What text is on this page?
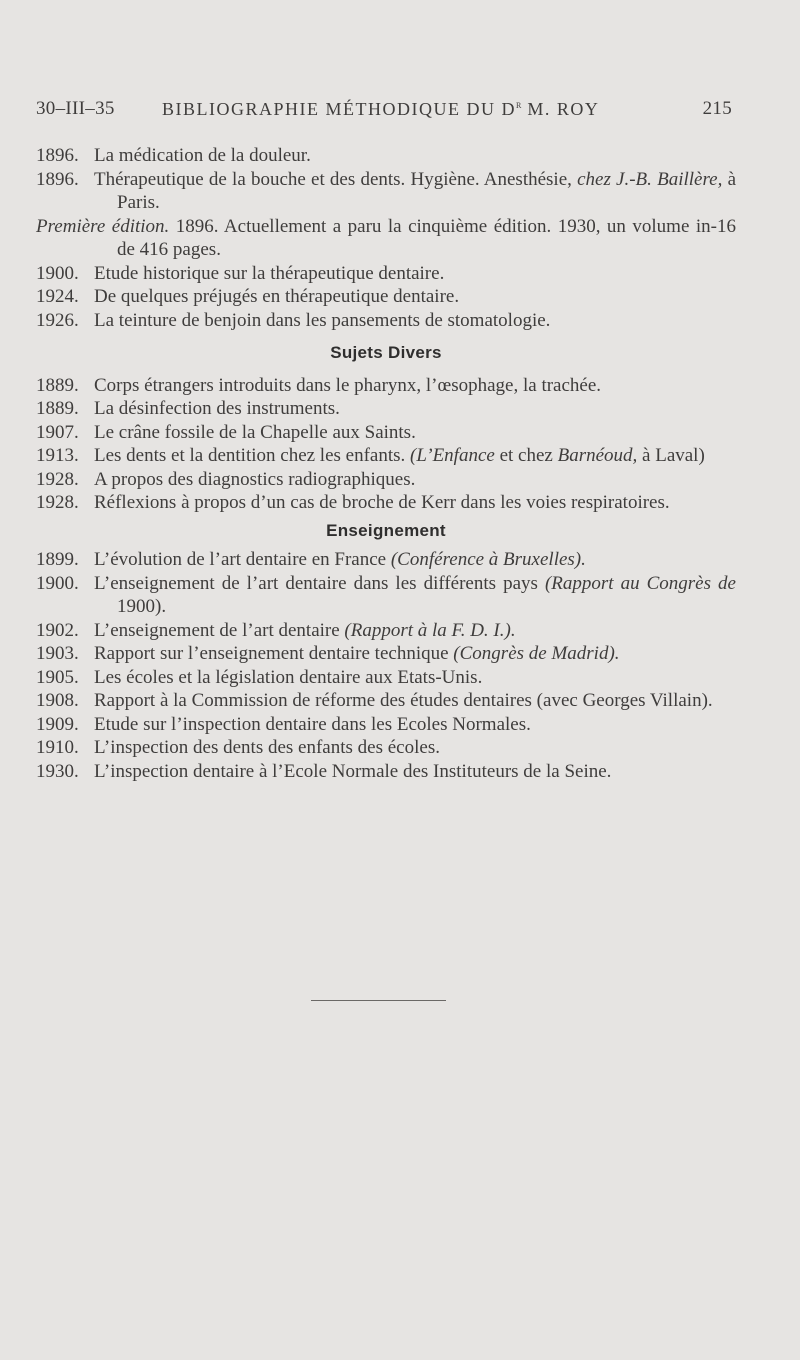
30–III–35	BIBLIOGRAPHIE MÉTHODIQUE DU $D^r$ M. ROY	215

1896. La médication de la douleur.

1896. Thérapeutique de la bouche et des dents. Hygiène. Anesthésie, chez J.-B. Baillère, à Paris.

Première édition. 1896. Actuellement a paru la cinquième édition. 1930, un volume in-16 de 416 pages.

1900. Etude historique sur la thérapeutique dentaire.

1924. De quelques préjugés en thérapeutique dentaire.

1926. La teinture de benjoin dans les pansements de stomatologie.

Sujets Divers

1889. Corps étrangers introduits dans le pharynx, l’œsophage, la trachée.

1889. La désinfection des instruments.

1907. Le crâne fossile de la Chapelle aux Saints.

1913. Les dents et la dentition chez les enfants. (L’Enfance et chez Barnéoud, à Laval)

1928. A propos des diagnostics radiographiques.

1928. Réflexions à propos d’un cas de broche de Kerr dans les voies respiratoires.

Enseignement

1899. L’évolution de l’art dentaire en France (Conférence à Bruxelles).

1900. L’enseignement de l’art dentaire dans les différents pays (Rapport au Congrès de 1900).

1902. L’enseignement de l’art dentaire (Rapport à la F. D. I.).

1903. Rapport sur l’enseignement dentaire technique (Congrès de Madrid).

1905. Les écoles et la législation dentaire aux Etats-Unis.

1908. Rapport à la Commission de réforme des études dentaires (avec Georges Villain).

1909. Etude sur l’inspection dentaire dans les Ecoles Normales.

1910. L’inspection des dents des enfants des écoles.

1930. L’inspection dentaire à l’Ecole Normale des Instituteurs de la Seine.
